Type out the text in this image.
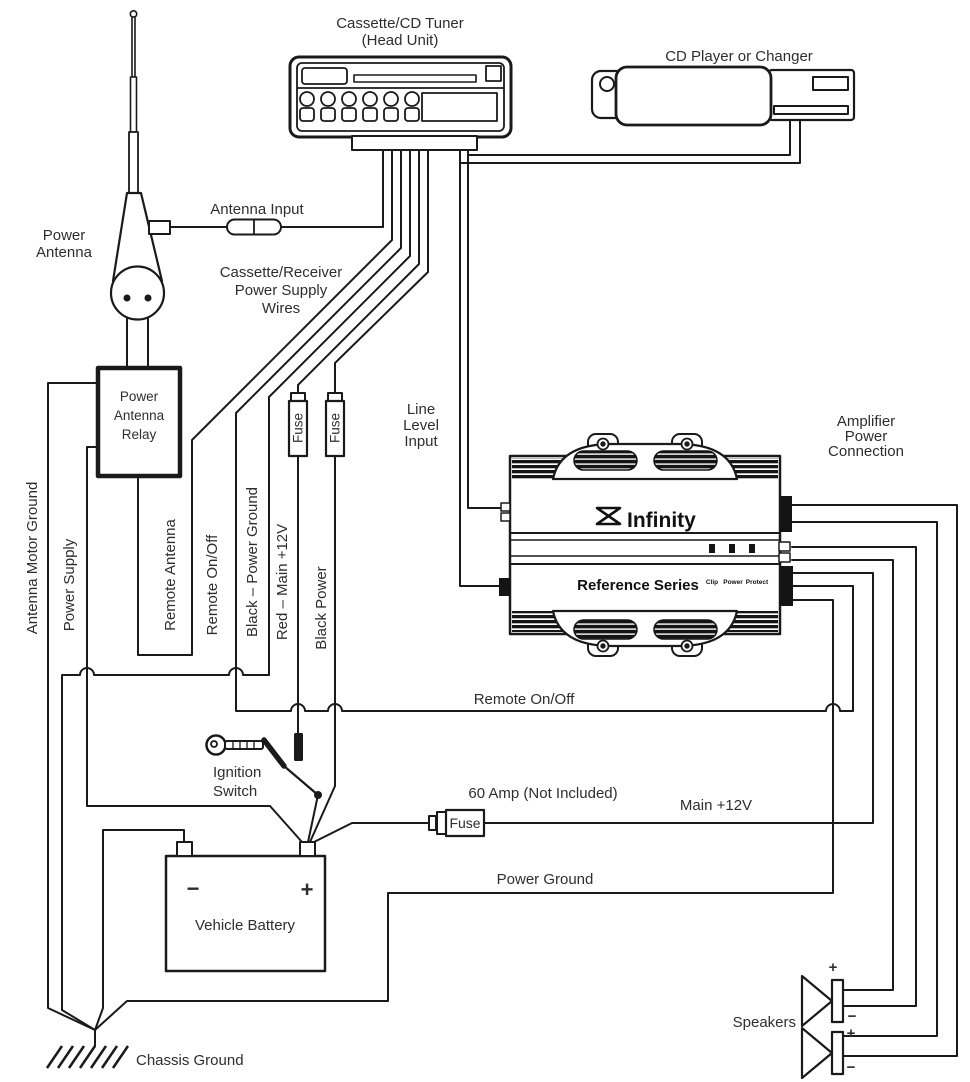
Power
Antenna
Relay	Fuse Fuse
Infinity
Reference Series Clip Power Protect
Fuse
−	+
Vehicle Battery
+
−
+
−
Speakers
Cassette/CD Tuner
(Head Unit)
CD Player or Changer
Power
Antenna
Antenna Input
Cassette/Receiver
Power Supply
Wires
Antenna Motor Ground Power Supply	Remote Antenna Remote On/Off Black – Power Ground Red – Main +12V Black Power
Line
Level
Input
Amplifier
Power
Connection
Remote On/Off
Ignition
Switch	60 Amp (Not Included)
Main +12V
Power Ground
Chassis Ground
